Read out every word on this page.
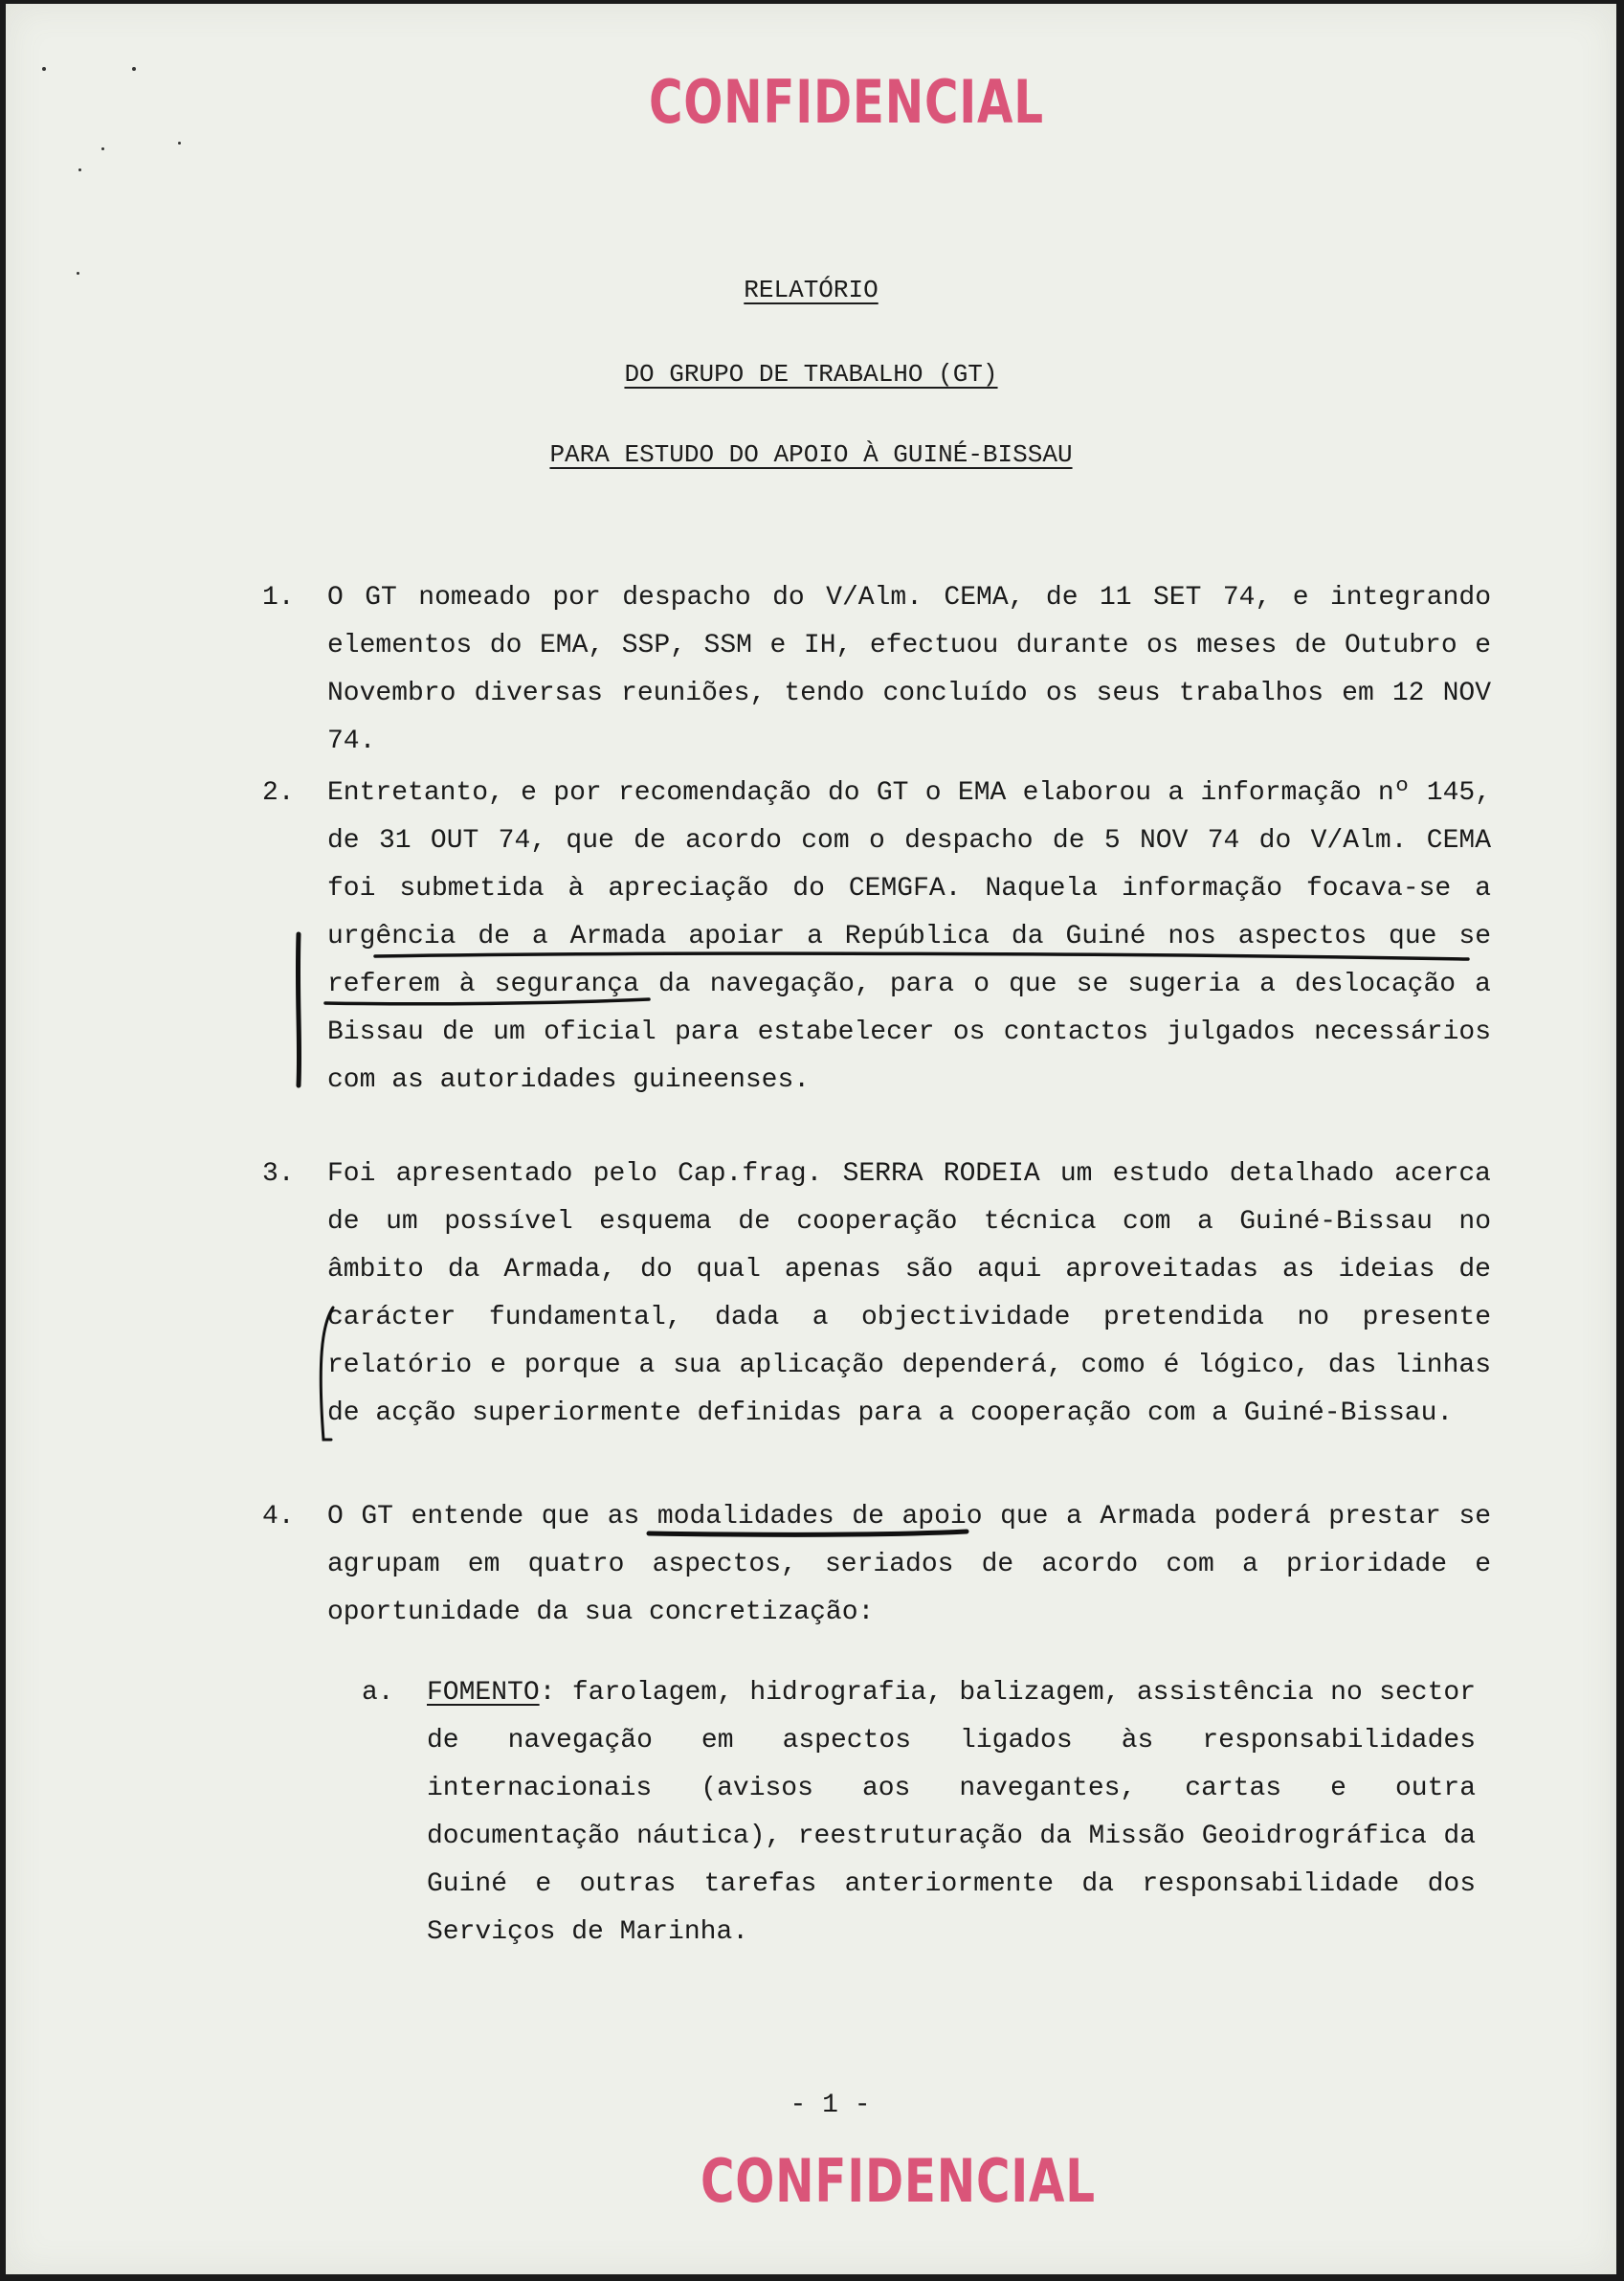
CONFIDENCIAL
RELATÓRIO
DO GRUPO DE TRABALHO (GT)
PARA ESTUDO DO APOIO À GUINÉ-BISSAU
1. O GT nomeado por despacho do V/Alm. CEMA, de 11 SET 74, e integrando elementos do EMA, SSP, SSM e IH, efectuou durante os meses de Outubro e Novembro diversas reuniões, tendo concluído os seus trabalhos em 12 NOV 74.
2. Entretanto, e por recomendação do GT o EMA elaborou a informação nº 145, de 31 OUT 74, que de acordo com o despacho de 5 NOV 74 do V/Alm. CEMA foi submetida à apreciação do CEMGFA. Naquela informação focava-se a urgência de a Armada apoiar a República da Guiné nos aspectos que se referem à segurança da navegação, para o que se sugeria a deslocação a Bissau de um oficial para estabelecer os contactos julgados necessários com as autoridades guineenses.
3. Foi apresentado pelo Cap.frag. SERRA RODEIA um estudo detalhado acerca de um possível esquema de cooperação técnica com a Guiné-Bissau no âmbito da Armada, do qual apenas são aqui aproveitadas as ideias de carácter fundamental, dada a objectividade pretendida no presente relatório e porque a sua aplicação dependerá, como é lógico, das linhas de acção superiormente definidas para a cooperação com a Guiné-Bissau.
4. O GT entende que as modalidades de apoio que a Armada poderá prestar se agrupam em quatro aspectos, seriados de acordo com a prioridade e oportunidade da sua concretização:
a. FOMENTO: farolagem, hidrografia, balizagem, assistência no sector de navegação em aspectos ligados às responsabilidades internacionais (avisos aos navegantes, cartas e outra documentação náutica), reestruturação da Missão Geoidrográfica da Guiné e outras tarefas anteriormente da responsabilidade dos Serviços de Marinha.
- 1 -
CONFIDENCIAL
